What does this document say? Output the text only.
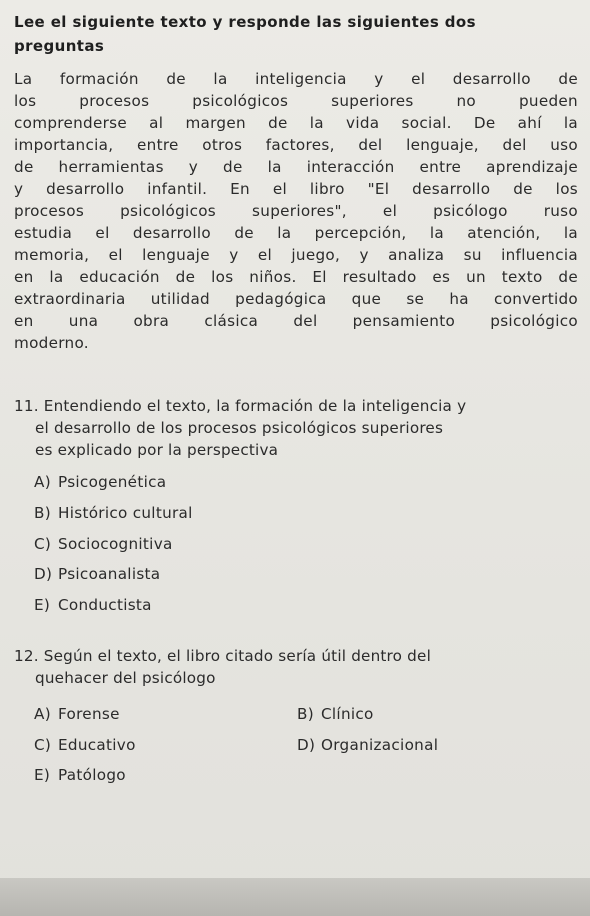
Lee el siguiente texto y responde las siguientes dos preguntas
La formación de la inteligencia y el desarrollo de
los procesos psicológicos superiores no pueden
comprenderse al margen de la vida social. De ahí la
importancia, entre otros factores, del lenguaje, del uso
de herramientas y de la interacción entre aprendizaje
y desarrollo infantil. En el libro "El desarrollo de los
procesos psicológicos superiores", el psicólogo ruso
estudia el desarrollo de la percepción, la atención, la
memoria, el lenguaje y el juego, y analiza su influencia
en la educación de los niños. El resultado es un texto de
extraordinaria utilidad pedagógica que se ha convertido
en una obra clásica del pensamiento psicológico
moderno.
11. Entendiendo el texto, la formación de la inteligencia y
el desarrollo de los procesos psicológicos superiores
es explicado por la perspectiva
A) Psicogenética
B) Histórico cultural
C) Sociocognitiva
D) Psicoanalista
E) Conductista
12. Según el texto, el libro citado sería útil dentro del
quehacer del psicólogo
A) Forense	B) Clínico
C) Educativo	D) Organizacional
E) Patólogo
